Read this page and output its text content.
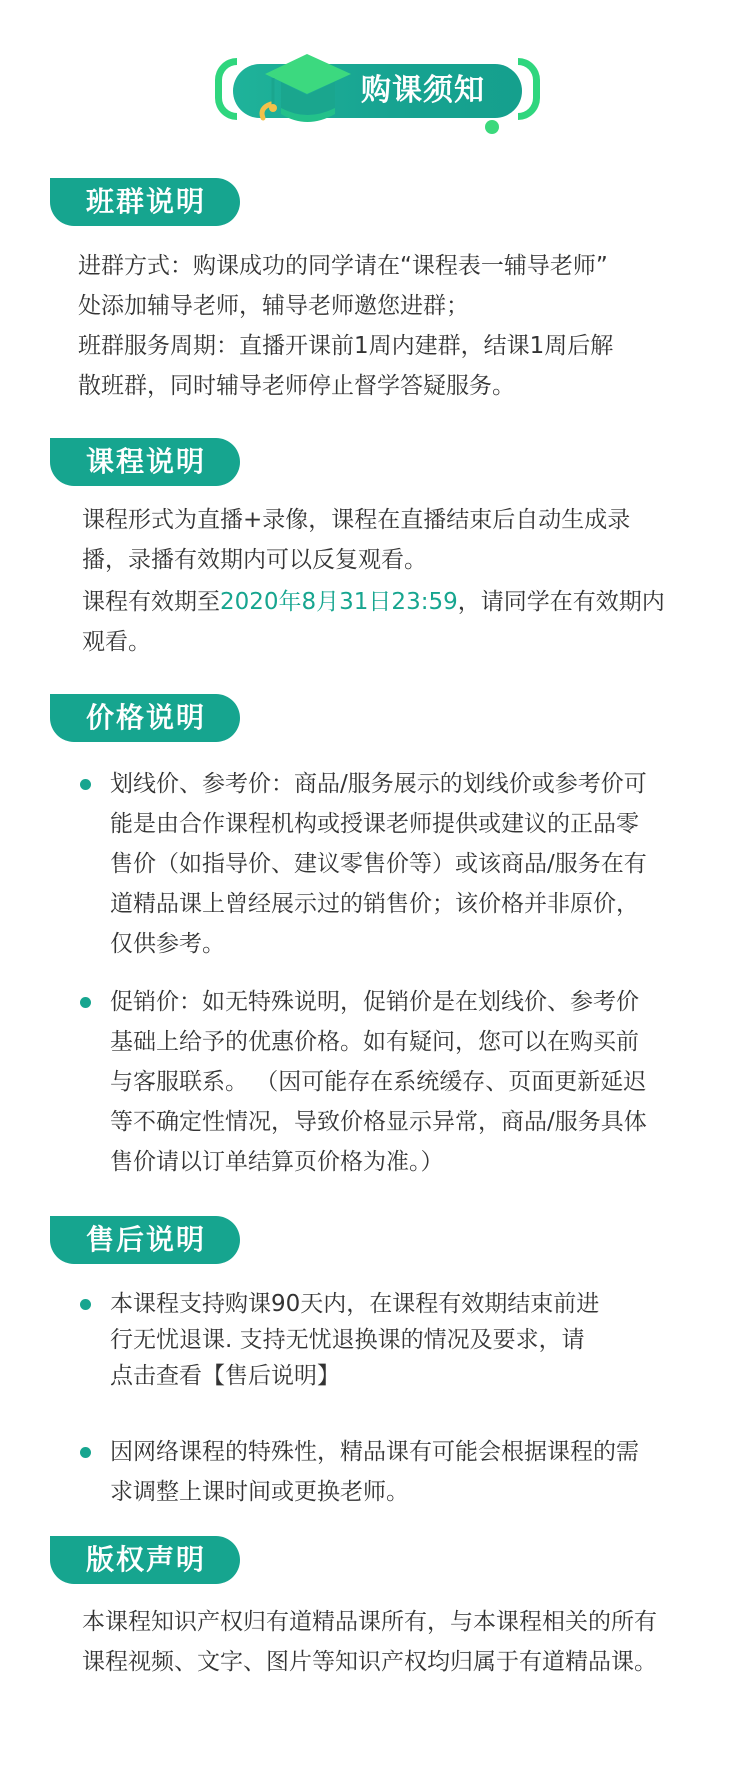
购课须知
班群说明

进群方式：购课成功的同学请在“课程表一辅导老师”

处添加辅导老师，辅导老师邀您进群；

班群服务周期：直播开课前1周内建群，结课1周后解

散班群，同时辅导老师停止督学答疑服务。

课程说明

课程形式为直播+录像，课程在直播结束后自动生成录

播，录播有效期内可以反复观看。

课程有效期至2020年8月31日23:59，请同学在有效期内

观看。

价格说明

划线价、参考价：商品/服务展示的划线价或参考价可

能是由合作课程机构或授课老师提供或建议的正品零

售价（如指导价、建议零售价等）或该商品/服务在有

道精品课上曾经展示过的销售价；该价格并非原价，

仅供参考。

促销价：如无特殊说明，促销价是在划线价、参考价

基础上给予的优惠价格。如有疑问，您可以在购买前

与客服联系。 （因可能存在系统缓存、页面更新延迟

等不确定性情况，导致价格显示异常，商品/服务具体

售价请以订单结算页价格为准。）

售后说明

本课程支持购课90天内，在课程有效期结束前进

行无忧退课. 支持无忧退换课的情况及要求，请

点击查看【售后说明】

因网络课程的特殊性，精品课有可能会根据课程的需

求调整上课时间或更换老师。

版权声明

本课程知识产权归有道精品课所有，与本课程相关的所有

课程视频、文字、图片等知识产权均归属于有道精品课。
